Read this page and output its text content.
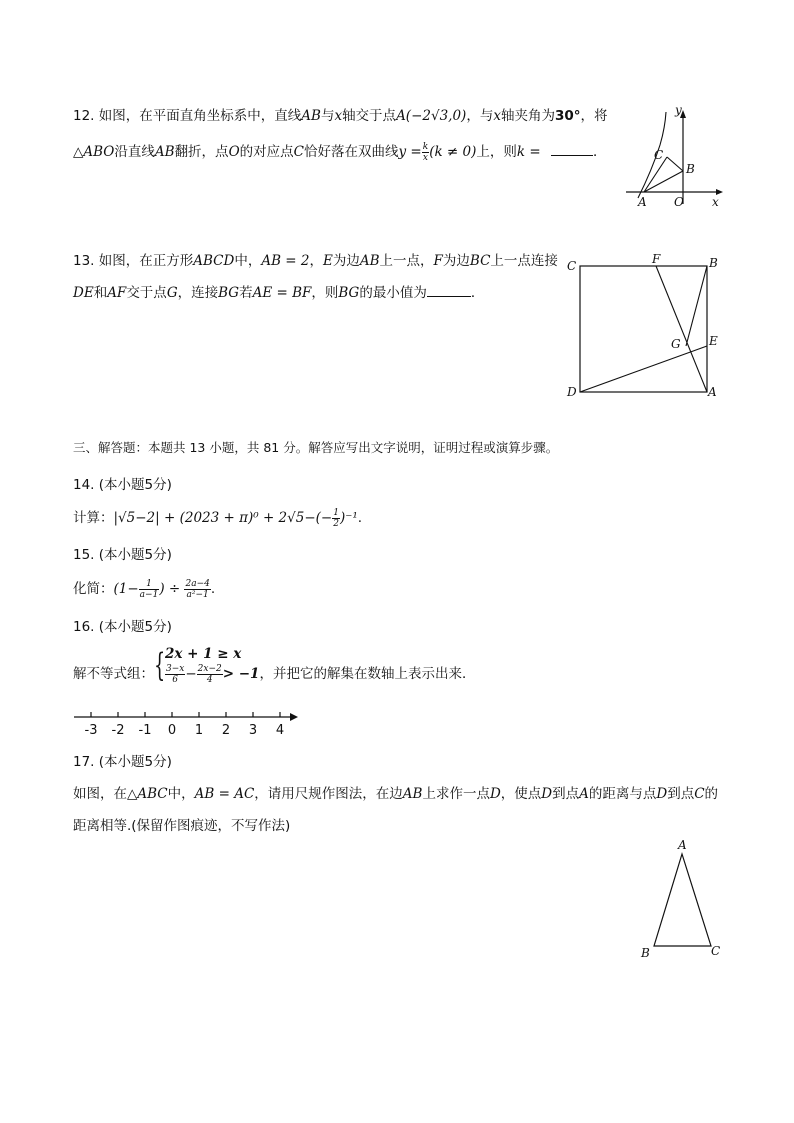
12. 如图，在平面直角坐标系中，直线AB与x轴交于点A(−2√3,0)，与x轴夹角为30°，将
△ABO沿直线AB翻折，点O的对应点C恰好落在双曲线$y = \frac{k}{x} (k \ne 0)$上，则k =	．
y
x
A O
B
C
13. 如图，在正方形ABCD中，AB = 2，E为边AB上一点，F为边BC上一点连接
DE和AF交于点G，连接BG若AE = BF，则BG的最小值为	．
C	F	B
G E
D	A
三、解答题：本题共 13 小题，共 81 分。解答应写出文字说明，证明过程或演算步骤。
14. (本小题5分)
计算：$|√5-2| + (2023 + \pi)^0 + 2√5-(- \frac{1}{2} )^{-1}$.
15. (本小题5分)
化简：($1- \frac{1}{a-1}$ ) ÷ $\frac{2a-4}{\text{a²−1}}$ .
16. (本小题5分)
解不等式组： { 2x + 1 ≥ x
$\frac{3-x}{6} - \frac{2x-2}{4} > -1$，并把它的解集在数轴上表示出来．
-3 -2 -1 0 1 2 3 4
17. (本小题5分)
如图，在△ABC中，AB = AC，请用尺规作图法，在边AB上求作一点D，使点D到点A的距离与点D到点C的
距离相等.(保留作图痕迹，不写作法)
A
B	C
